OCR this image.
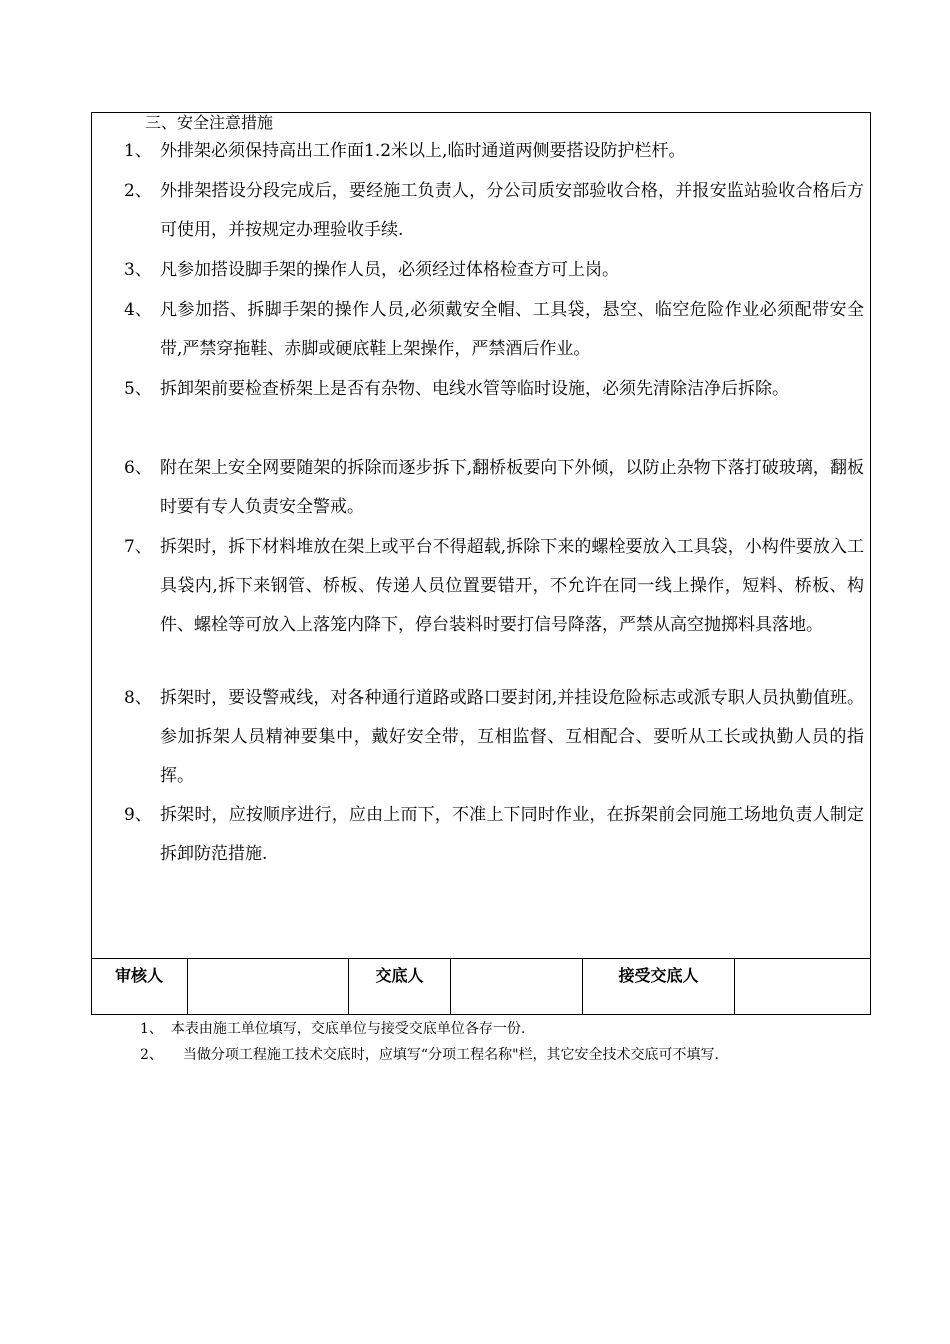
三、安全注意措施
1、 外排架必须保持高出工作面1.2米以上,临时通道两侧要搭设防护栏杆。
2、 外排架搭设分段完成后，要经施工负责人，分公司质安部验收合格，并报安监站验收合格后方可使用，并按规定办理验收手续.
3、 凡参加搭设脚手架的操作人员，必须经过体格检查方可上岗。
4、 凡参加搭、拆脚手架的操作人员,必须戴安全帽、工具袋，悬空、临空危险作业必须配带安全带,严禁穿拖鞋、赤脚或硬底鞋上架操作，严禁酒后作业。
5、 拆卸架前要检查桥架上是否有杂物、电线水管等临时设施，必须先清除洁净后拆除。
6、 附在架上安全网要随架的拆除而逐步拆下,翻桥板要向下外倾，以防止杂物下落打破玻璃，翻板时要有专人负责安全警戒。
7、 拆架时，拆下材料堆放在架上或平台不得超载,拆除下来的螺栓要放入工具袋，小构件要放入工具袋内,拆下来钢管、桥板、传递人员位置要错开，不允许在同一线上操作，短料、桥板、构件、螺栓等可放入上落笼内降下，停台装料时要打信号降落，严禁从高空抛掷料具落地。
8、 拆架时，要设警戒线，对各种通行道路或路口要封闭,并挂设危险标志或派专职人员执勤值班。参加拆架人员精神要集中，戴好安全带，互相监督、互相配合、要听从工长或执勤人员的指挥。
9、 拆架时，应按顺序进行，应由上而下，不准上下同时作业，在拆架前会同施工场地负责人制定拆卸防范措施.
审核人	交底人	接受交底人
1、 本表由施工单位填写，交底单位与接受交底单位各存一份.
2、 当做分项工程施工技术交底时，应填写“分项工程名称"栏，其它安全技术交底可不填写.
